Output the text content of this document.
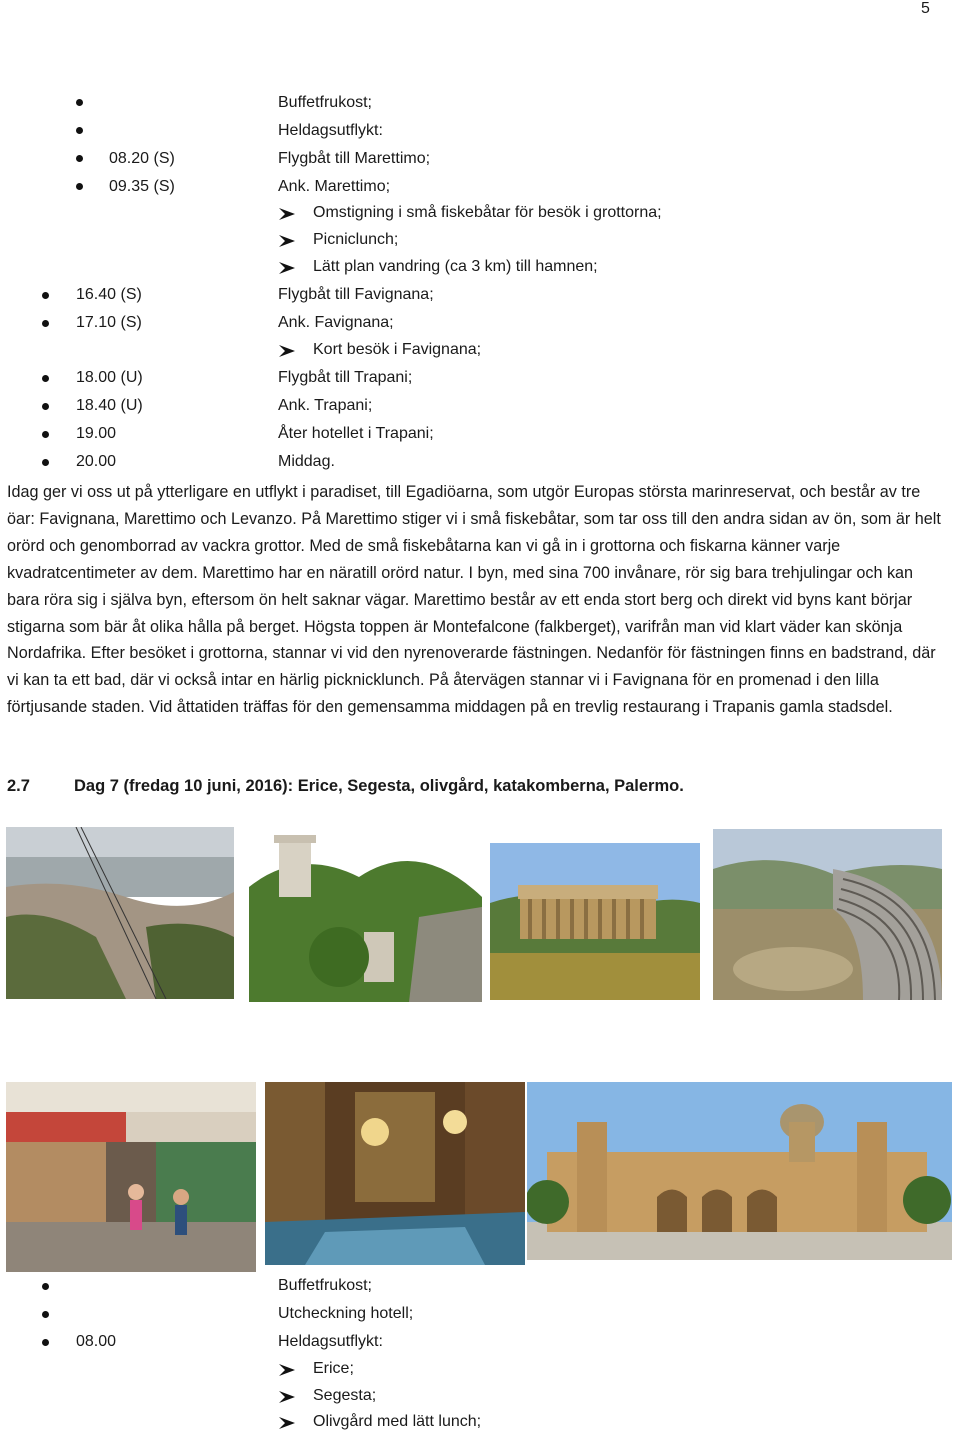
5
Buffetfrukost;
Heldagsutflykt:
08.20 (S)	Flygbåt till Marettimo;
09.35 (S)	Ank. Marettimo;
Omstigning i små fiskebåtar för besök i grottorna;
Picniclunch;
Lätt plan vandring (ca 3 km) till hamnen;
16.40 (S)	Flygbåt till Favignana;
17.10 (S)	Ank. Favignana;
Kort besök i Favignana;
18.00 (U)	Flygbåt till Trapani;
18.40 (U)	Ank. Trapani;
19.00	Åter hotellet i Trapani;
20.00	Middag.
Idag ger vi oss ut på ytterligare en utflykt i paradiset, till Egadiöarna, som utgör Europas största marinreservat, och består av tre öar: Favignana, Marettimo och Levanzo. På Marettimo stiger vi i små fiskebåtar, som tar oss till den andra sidan av ön, som är helt orörd och genomborrad av vackra grottor. Med de små fiskebåtarna kan vi gå in i grottorna och fiskarna känner varje kvadratcentimeter av dem. Marettimo har en näratill orörd natur. I byn, med sina 700 invånare, rör sig bara trehjulingar och kan bara röra sig i själva byn, eftersom ön helt saknar vägar. Marettimo består av ett enda stort berg och direkt vid byns kant börjar stigarna som bär åt olika hålla på berget. Högsta toppen är Montefalcone (falkberget), varifrån man vid klart väder kan skönja Nordafrika. Efter besöket i grottorna, stannar vi vid den nyrenoverarde fästningen. Nedanför för fästningen finns en badstrand, där vi kan ta ett bad, där vi också intar en härlig picknicklunch. På återvägen stannar vi i Favignana för en promenad i den lilla förtjusande staden. Vid åttatiden träffas för den gemensamma middagen på en trevlig restaurang i Trapanis gamla stadsdel.
2.7	Dag 7 (fredag 10 juni, 2016): Erice, Segesta, olivgård, katakomberna, Palermo.
Buffetfrukost;
Utcheckning hotell;
08.00	Heldagsutflykt:
Erice;
Segesta;
Olivgård med lätt lunch;
